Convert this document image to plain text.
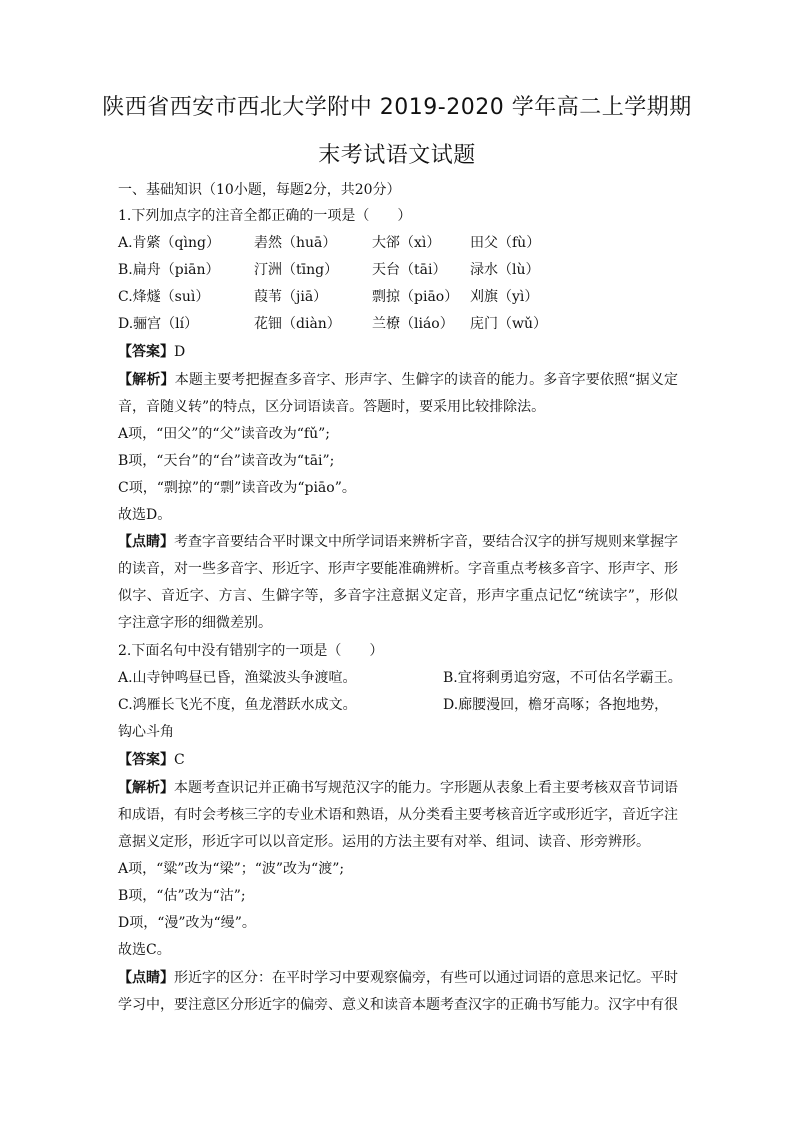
陕西省西安市西北大学附中 2019-2020 学年高二上学期期
末考试语文试题
一、基础知识（10小题，每题2分，共20分）
1.下列加点字的注音全都正确的一项是（　　）
A.肯綮（qìng）	砉然（huā）	大郤（xì）	田父（fù）
B.扁舟（piān）	汀洲（tīng）	天台（tāi）	渌水（lù）
C.烽燧（suì）	葭苇（jiā）	剽掠（piāo） 刈旗（yì）
D.骊宫（lí）	花钿（diàn）	兰橑（liáo）	庑门（wǔ）
【答案】D
【解析】本题主要考把握查多音字、形声字、生僻字的读音的能力。多音字要依照“据义定音，音随义转”的特点，区分词语读音。答题时，要采用比较排除法。
A项，“田父”的“父”读音改为“fǔ”;
B项，“天台”的“台”读音改为“tāi”;
C项，“剽掠”的“剽”读音改为“piāo”。
故选D。
【点睛】考查字音要结合平时课文中所学词语来辨析字音，要结合汉字的拼写规则来掌握字的读音，对一些多音字、形近字、形声字要能准确辨析。字音重点考核多音字、形声字、形似字、音近字、方言、生僻字等，多音字注意据义定音，形声字重点记忆“统读字”，形似字注意字形的细微差别。
2.下面名句中没有错别字的一项是（　　）
A.山寺钟鸣昼已昏，渔粱波头争渡喧。	B.宜将剩勇追穷宼，不可估名学霸王。
C.鸿雁长飞光不度，鱼龙潜跃水成文。	D.廊腰漫回，檐牙高啄；各抱地势，
钩心斗角
【答案】C
【解析】本题考查识记并正确书写规范汉字的能力。字形题从表象上看主要考核双音节词语和成语，有时会考核三字的专业术语和熟语，从分类看主要考核音近字或形近字，音近字注意据义定形，形近字可以以音定形。运用的方法主要有对举、组词、读音、形旁辨形。
A项，“粱”改为“梁”；“波”改为“渡”;
B项，“估”改为“沽”;
D项，“漫”改为“缦”。
故选C。
【点睛】形近字的区分：在平时学习中要观察偏旁，有些可以通过词语的意思来记忆。平时学习中，要注意区分形近字的偏旁、意义和读音本题考查汉字的正确书写能力。汉字中有很
